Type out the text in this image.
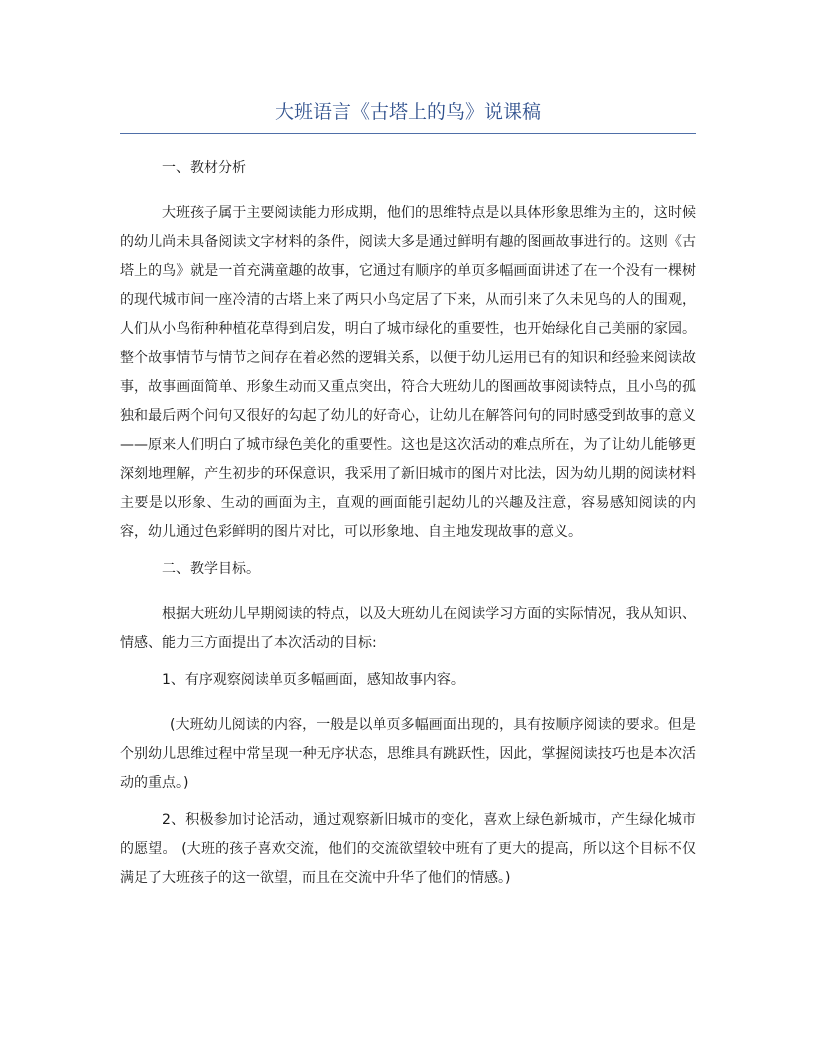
大班语言《古塔上的鸟》说课稿

一、教材分析

大班孩子属于主要阅读能力形成期，他们的思维特点是以具体形象思维为主的，这时候的幼儿尚未具备阅读文字材料的条件，阅读大多是通过鲜明有趣的图画故事进行的。这则《古塔上的鸟》就是一首充满童趣的故事，它通过有顺序的单页多幅画面讲述了在一个没有一棵树的现代城市间一座冷清的古塔上来了两只小鸟定居了下来，从而引来了久未见鸟的人的围观，人们从小鸟衔种种植花草得到启发，明白了城市绿化的重要性，也开始绿化自己美丽的家园。整个故事情节与情节之间存在着必然的逻辑关系，以便于幼儿运用已有的知识和经验来阅读故事，故事画面简单、形象生动而又重点突出，符合大班幼儿的图画故事阅读特点，且小鸟的孤独和最后两个问句又很好的勾起了幼儿的好奇心，让幼儿在解答问句的同时感受到故事的意义——原来人们明白了城市绿色美化的重要性。这也是这次活动的难点所在，为了让幼儿能够更深刻地理解，产生初步的环保意识，我采用了新旧城市的图片对比法，因为幼儿期的阅读材料主要是以形象、生动的画面为主，直观的画面能引起幼儿的兴趣及注意，容易感知阅读的内容，幼儿通过色彩鲜明的图片对比，可以形象地、自主地发现故事的意义。

二、教学目标。

根据大班幼儿早期阅读的特点，以及大班幼儿在阅读学习方面的实际情况，我从知识、情感、能力三方面提出了本次活动的目标:

1、有序观察阅读单页多幅画面，感知故事内容。

(大班幼儿阅读的内容，一般是以单页多幅画面出现的，具有按顺序阅读的要求。但是个别幼儿思维过程中常呈现一种无序状态，思维具有跳跃性，因此，掌握阅读技巧也是本次活动的重点。)

2、积极参加讨论活动，通过观察新旧城市的变化，喜欢上绿色新城市，产生绿化城市的愿望。 (大班的孩子喜欢交流，他们的交流欲望较中班有了更大的提高，所以这个目标不仅满足了大班孩子的这一欲望，而且在交流中升华了他们的情感。)
